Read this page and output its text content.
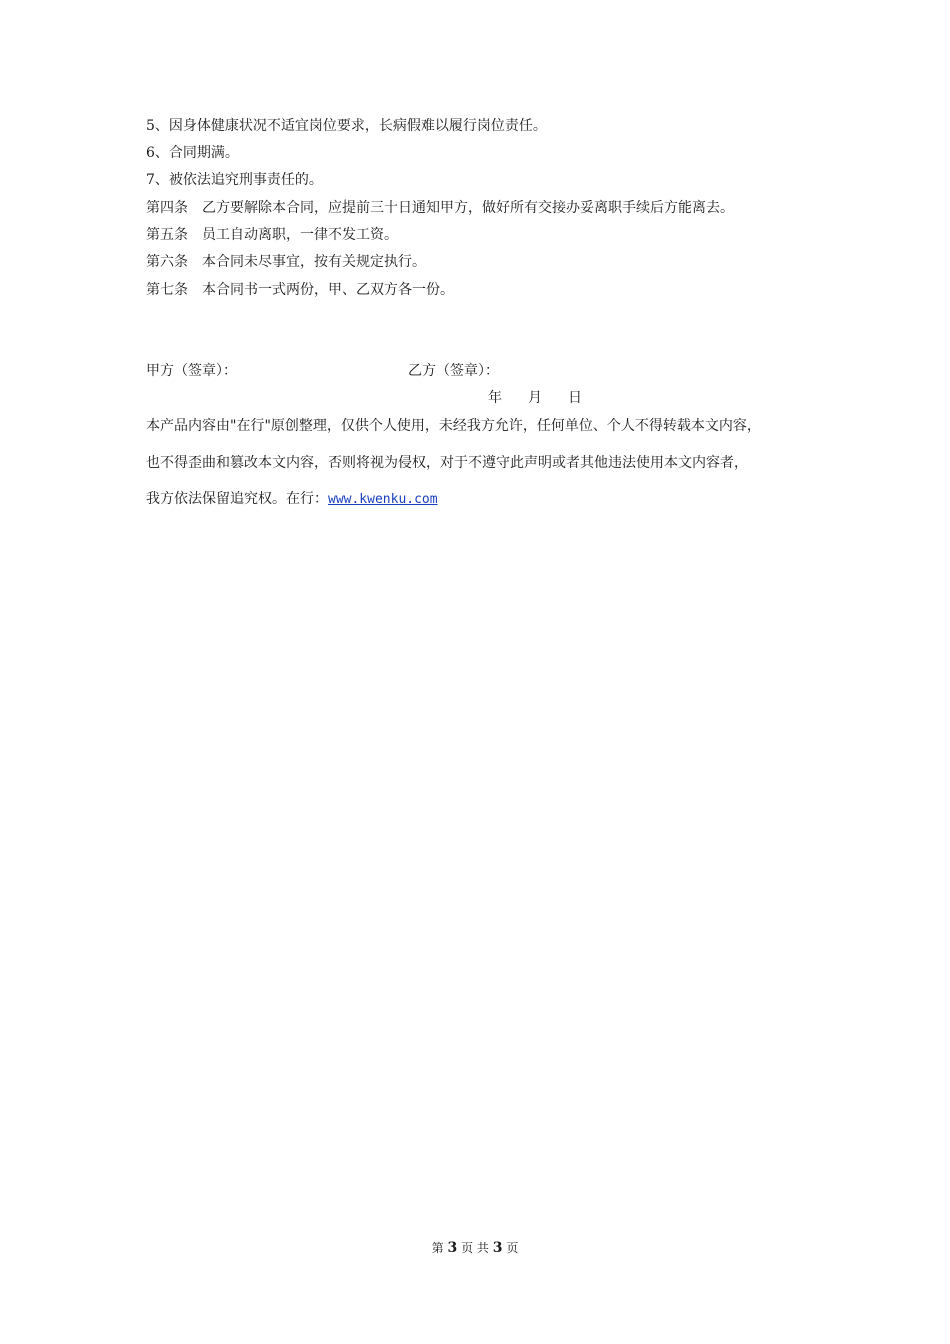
5、因身体健康状况不适宜岗位要求，长病假难以履行岗位责任。
6、合同期满。
7、被依法追究刑事责任的。
第四条 乙方要解除本合同，应提前三十日通知甲方，做好所有交接办妥离职手续后方能离去。
第五条 员工自动离职，一律不发工资。
第六条 本合同未尽事宜，按有关规定执行。
第七条 本合同书一式两份，甲、乙双方各一份。
甲方（签章）：	乙方（签章）：
年 月 日
本产品内容由"在行"原创整理，仅供个人使用，未经我方允许，任何单位、个人不得转载本文内容，
也不得歪曲和篡改本文内容，否则将视为侵权，对于不遵守此声明或者其他违法使用本文内容者，
我方依法保留追究权。在行：www.kwenku.com
第 3 页 共 3 页
